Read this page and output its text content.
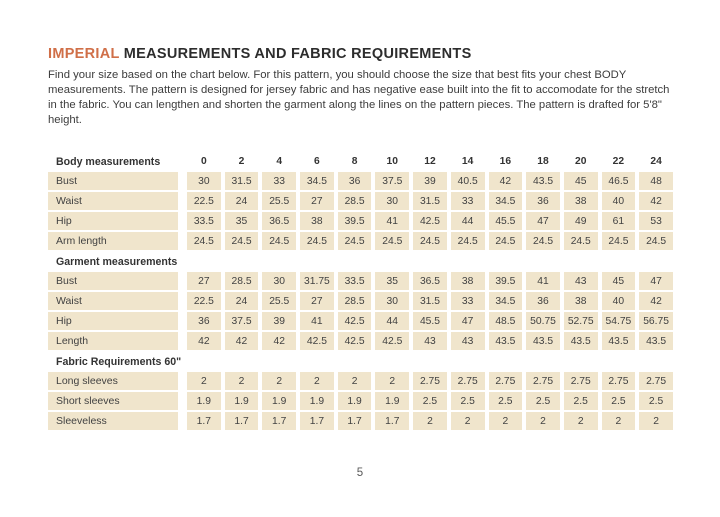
IMPERIAL MEASUREMENTS AND FABRIC REQUIREMENTS

Find your size based on the chart below. For this pattern, you should choose the size that best fits your chest BODY measurements. The pattern is designed for jersey fabric and has negative ease built into the fit to accomodate for the stretch in the fabric. You can lengthen and shorten the garment along the lines on the pattern pieces. The pattern is drafted for 5'8" height.

Body measurements	0	2	4	6	8	10	12	14	16	18	20	22	24
Bust	30	31.5	33	34.5	36	37.5	39	40.5	42	43.5	45	46.5	48
Waist	22.5	24	25.5	27	28.5	30	31.5	33	34.5	36	38	40	42
Hip	33.5	35	36.5	38	39.5	41	42.5	44	45.5	47	49	61	53
Arm length	24.5	24.5	24.5	24.5	24.5	24.5	24.5	24.5	24.5	24.5	24.5	24.5	24.5
Garment measurements
Bust	27	28.5	30	31.75	33.5	35	36.5	38	39.5	41	43	45	47
Waist	22.5	24	25.5	27	28.5	30	31.5	33	34.5	36	38	40	42
Hip	36	37.5	39	41	42.5	44	45.5	47	48.5	50.75	52.75	54.75	56.75
Length	42	42	42	42.5	42.5	42.5	43	43	43.5	43.5	43.5	43.5	43.5
Fabric Requirements 60"
Long sleeves	2	2	2	2	2	2	2.75	2.75	2.75	2.75	2.75	2.75	2.75
Short sleeves	1.9	1.9	1.9	1.9	1.9	1.9	2.5	2.5	2.5	2.5	2.5	2.5	2.5
Sleeveless	1.7	1.7	1.7	1.7	1.7	1.7	2	2	2	2	2	2	2
5
